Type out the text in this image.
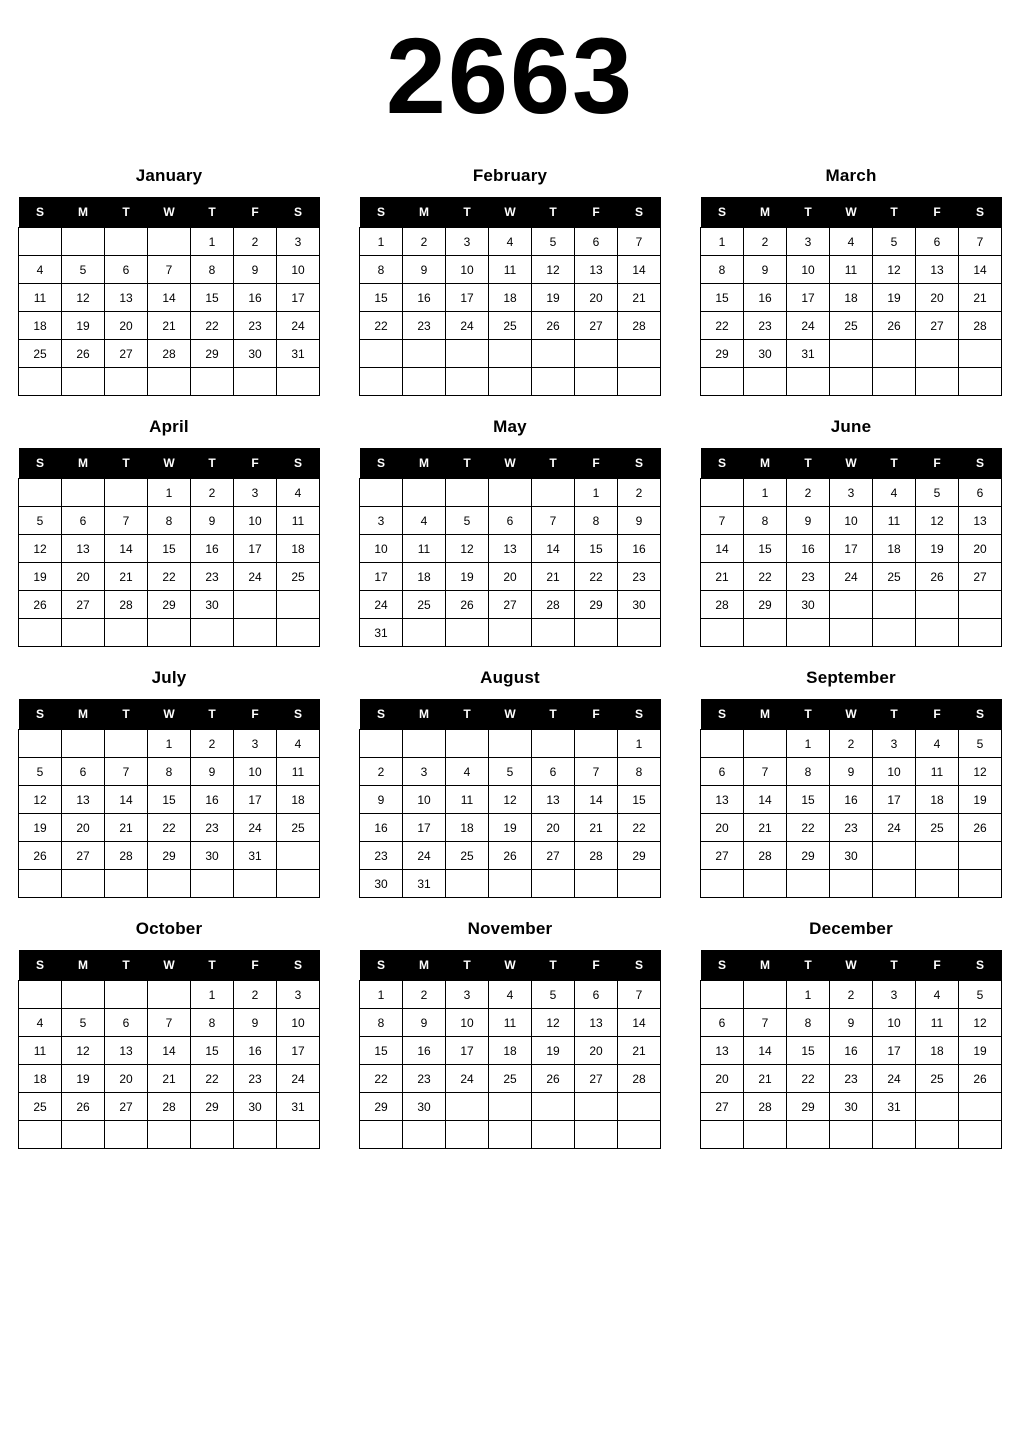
2663
January
S	M	T	W	T	F	S
				1	2	3
4	5	6	7	8	9	10
11	12	13	14	15	16	17
18	19	20	21	22	23	24
25	26	27	28	29	30	31

February
S	M	T	W	T	F	S
1	2	3	4	5	6	7
8	9	10	11	12	13	14
15	16	17	18	19	20	21
22	23	24	25	26	27	28

March
S	M	T	W	T	F	S
1	2	3	4	5	6	7
8	9	10	11	12	13	14
15	16	17	18	19	20	21
22	23	24	25	26	27	28
29	30	31				

April
S	M	T	W	T	F	S
			1	2	3	4
5	6	7	8	9	10	11
12	13	14	15	16	17	18
19	20	21	22	23	24	25
26	27	28	29	30		

May
S	M	T	W	T	F	S
					1	2
3	4	5	6	7	8	9
10	11	12	13	14	15	16
17	18	19	20	21	22	23
24	25	26	27	28	29	30
31						
June
S	M	T	W	T	F	S
	1	2	3	4	5	6
7	8	9	10	11	12	13
14	15	16	17	18	19	20
21	22	23	24	25	26	27
28	29	30				

July
S	M	T	W	T	F	S
			1	2	3	4
5	6	7	8	9	10	11
12	13	14	15	16	17	18
19	20	21	22	23	24	25
26	27	28	29	30	31	

August
S	M	T	W	T	F	S
						1
2	3	4	5	6	7	8
9	10	11	12	13	14	15
16	17	18	19	20	21	22
23	24	25	26	27	28	29
30	31					
September
S	M	T	W	T	F	S
		1	2	3	4	5
6	7	8	9	10	11	12
13	14	15	16	17	18	19
20	21	22	23	24	25	26
27	28	29	30			

October
S	M	T	W	T	F	S
				1	2	3
4	5	6	7	8	9	10
11	12	13	14	15	16	17
18	19	20	21	22	23	24
25	26	27	28	29	30	31

November
S	M	T	W	T	F	S
1	2	3	4	5	6	7
8	9	10	11	12	13	14
15	16	17	18	19	20	21
22	23	24	25	26	27	28
29	30					

December
S	M	T	W	T	F	S
		1	2	3	4	5
6	7	8	9	10	11	12
13	14	15	16	17	18	19
20	21	22	23	24	25	26
27	28	29	30	31		
